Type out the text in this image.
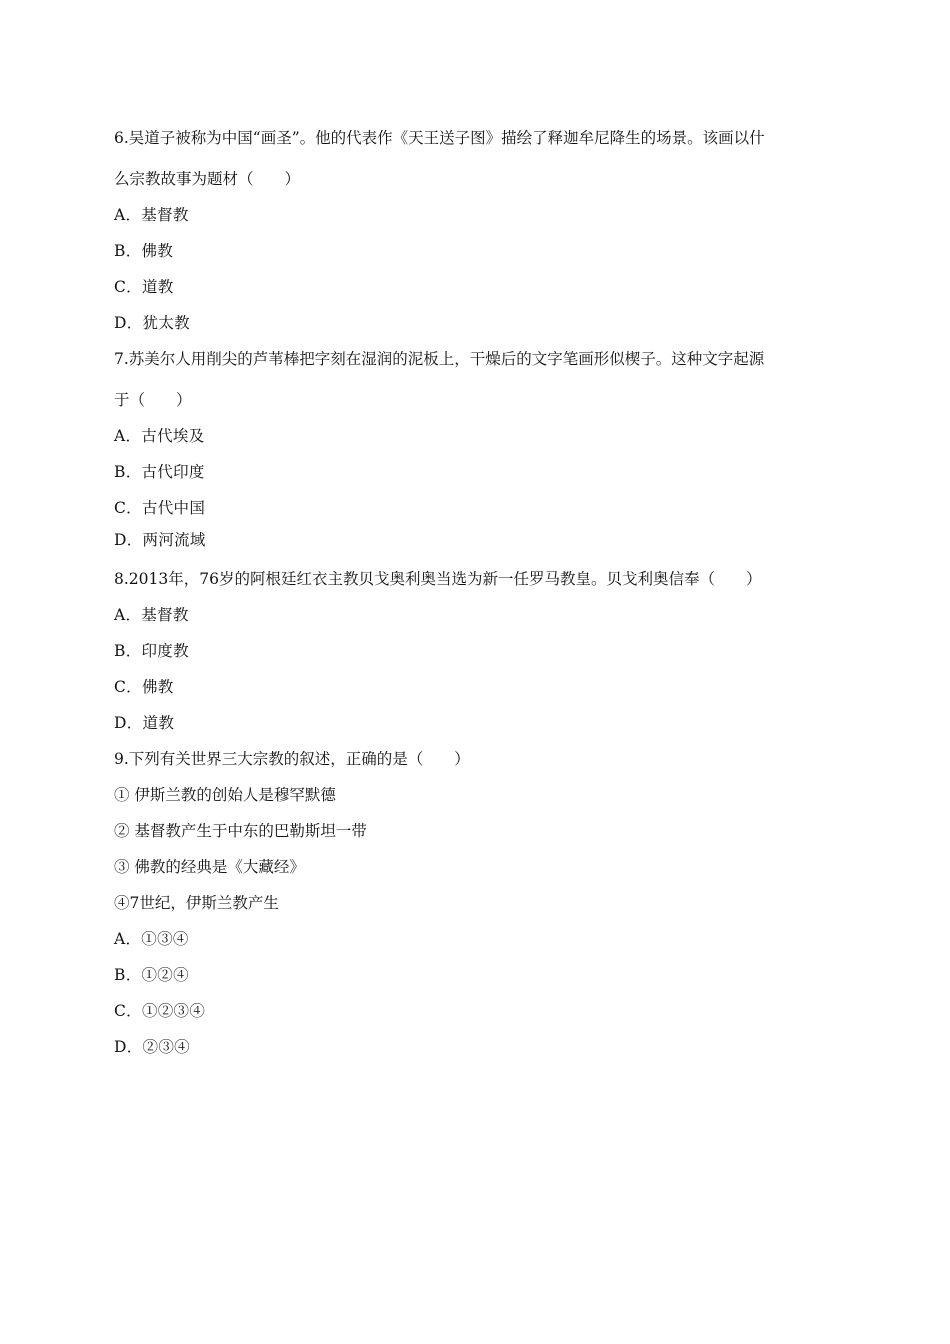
6.吴道子被称为中国“画圣”。他的代表作《天王送子图》描绘了释迦牟尼降生的场景。该画以什
么宗教故事为题材（　　）
A．基督教
B．佛教
C．道教
D．犹太教
7.苏美尔人用削尖的芦苇棒把字刻在湿润的泥板上，干燥后的文字笔画形似楔子。这种文字起源
于（　　）
A．古代埃及
B．古代印度
C．古代中国
D．两河流域
8.2013年，76岁的阿根廷红衣主教贝戈奥利奥当选为新一任罗马教皇。贝戈利奥信奉（　　）
A．基督教
B．印度教
C．佛教
D．道教
9.下列有关世界三大宗教的叙述，正确的是（　　）
① 伊斯兰教的创始人是穆罕默德
② 基督教产生于中东的巴勒斯坦一带
③ 佛教的经典是《大藏经》
④7世纪，伊斯兰教产生
A．①③④
B．①②④
C．①②③④
D．②③④
